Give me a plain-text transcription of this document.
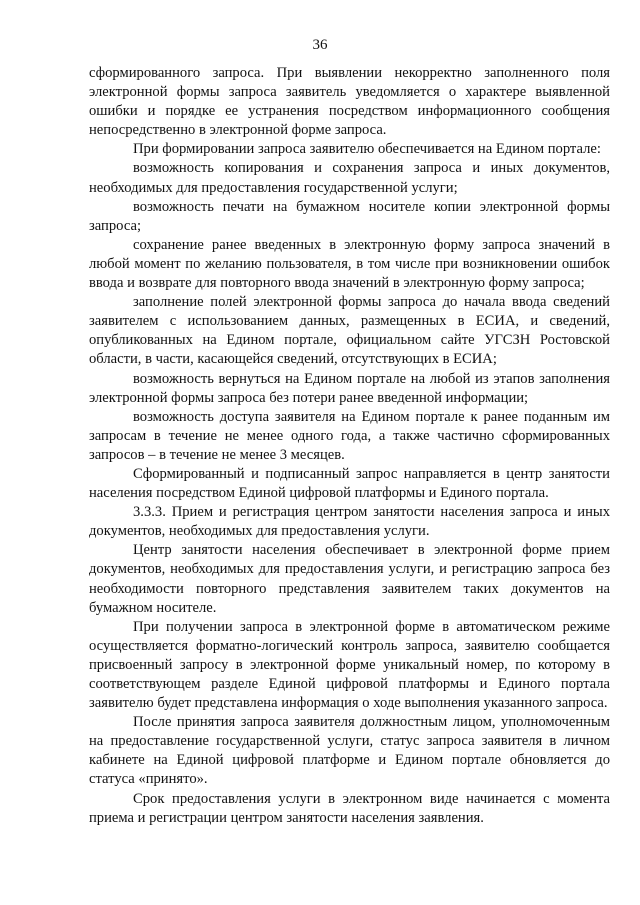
36

сформированного запроса. При выявлении некорректно заполненного поля электронной формы запроса заявитель уведомляется о характере выявленной ошибки и порядке ее устранения посредством информационного сообщения непосредственно в электронной форме запроса.

При формировании запроса заявителю обеспечивается на Едином портале:

возможность копирования и сохранения запроса и иных документов, необходимых для предоставления государственной услуги;

возможность печати на бумажном носителе копии электронной формы запроса;

сохранение ранее введенных в электронную форму запроса значений в любой момент по желанию пользователя, в том числе при возникновении ошибок ввода и возврате для повторного ввода значений в электронную форму запроса;

заполнение полей электронной формы запроса до начала ввода сведений заявителем с использованием данных, размещенных в ЕСИА, и сведений, опубликованных на Едином портале, официальном сайте УГСЗН Ростовской области, в части, касающейся сведений, отсутствующих в ЕСИА;

возможность вернуться на Едином портале на любой из этапов заполнения электронной формы запроса без потери ранее введенной информации;

возможность доступа заявителя на Едином портале к ранее поданным им запросам в течение не менее одного года, а также частично сформированных запросов – в течение не менее 3 месяцев.

Сформированный и подписанный запрос направляется в центр занятости населения посредством Единой цифровой платформы и Единого портала.

3.3.3. Прием и регистрация центром занятости населения запроса и иных документов, необходимых для предоставления услуги.

Центр занятости населения обеспечивает в электронной форме прием документов, необходимых для предоставления услуги, и регистрацию запроса без необходимости повторного представления заявителем таких документов на бумажном носителе.

При получении запроса в электронной форме в автоматическом режиме осуществляется форматно-логический контроль запроса, заявителю сообщается присвоенный запросу в электронной форме уникальный номер, по которому в соответствующем разделе Единой цифровой платформы и Единого портала заявителю будет представлена информация о ходе выполнения указанного запроса.

После принятия запроса заявителя должностным лицом, уполномоченным на предоставление государственной услуги, статус запроса заявителя в личном кабинете на Единой цифровой платформе и Едином портале обновляется до статуса «принято».

Срок предоставления услуги в электронном виде начинается с момента приема и регистрации центром занятости населения заявления.
